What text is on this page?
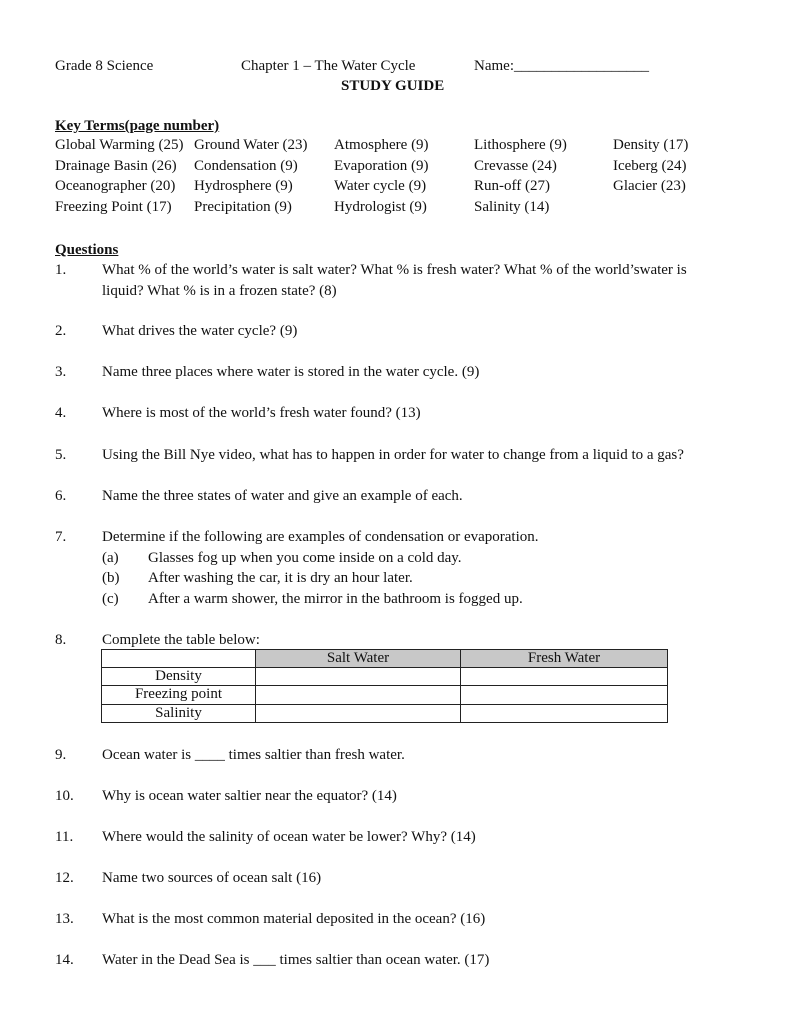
Grade 8 Science	Chapter 1 – The Water Cycle	Name:__________________
STUDY GUIDE
Key Terms(page number)
Global Warming (25) Ground Water (23) Atmosphere (9)	Lithosphere (9)	Density (17)
Drainage Basin (26) Condensation (9) Evaporation (9)	Crevasse (24)	Iceberg (24)
Oceanographer (20) Hydrosphere (9)	Water cycle (9)	Run-off (27)	Glacier (23)
Freezing Point (17) Precipitation (9)	Hydrologist (9)	Salinity (14)
Questions
1. What % of the world’s water is salt water? What % is fresh water? What % of the world’swater is
liquid? What % is in a frozen state? (8)
2. What drives the water cycle? (9)
3. Name three places where water is stored in the water cycle. (9)
4. Where is most of the world’s fresh water found? (13)
5. Using the Bill Nye video, what has to happen in order for water to change from a liquid to a gas?
6. Name the three states of water and give an example of each.
7. Determine if the following are examples of condensation or evaporation.
(a) Glasses fog up when you come inside on a cold day.
(b) After washing the car, it is dry an hour later.
(c) After a warm shower, the mirror in the bathroom is fogged up.
8. Complete the table below:
	Salt Water	Fresh Water
Density		
Freezing point		
Salinity		
9. Ocean water is ____ times saltier than fresh water.
10. Why is ocean water saltier near the equator? (14)
11. Where would the salinity of ocean water be lower? Why? (14)
12. Name two sources of ocean salt (16)
13. What is the most common material deposited in the ocean? (16)
14. Water in the Dead Sea is ___ times saltier than ocean water. (17)
